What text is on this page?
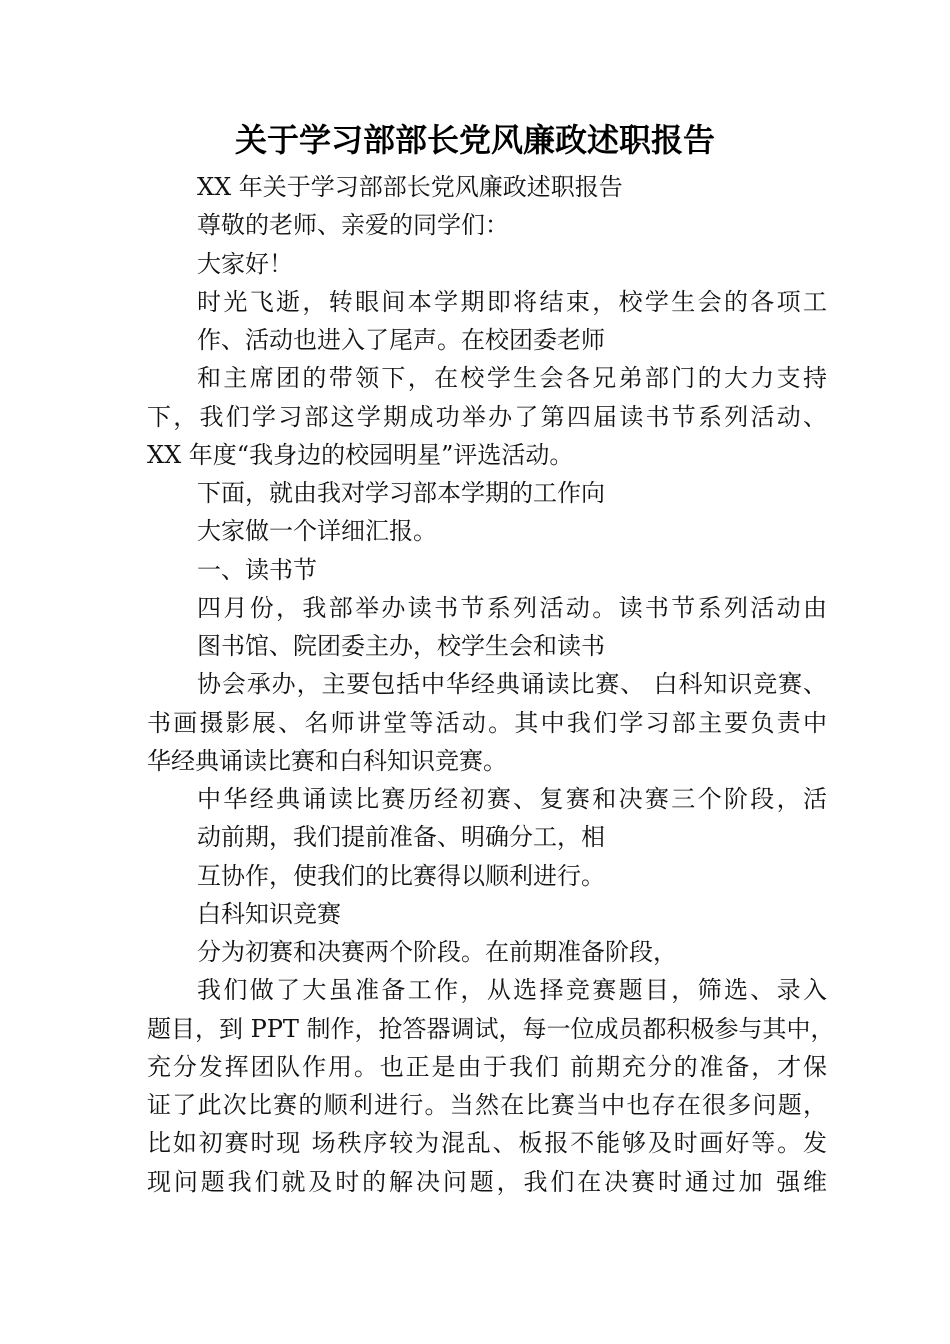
关于学习部部长党风廉政述职报告
XX 年关于学习部部长党风廉政述职报告
尊敬的老师、亲爱的同学们：
大家好！
时光飞逝，转眼间本学期即将结束，校学生会的各项工
作、活动也进入了尾声。在校团委老师
和主席团的带领下，在校学生会各兄弟部门的大力支持
下，我们学习部这学期成功举办了第四届读书节系列活动、
XX 年度“我身边的校园明星”评选活动。
下面，就由我对学习部本学期的工作向
大家做一个详细汇报。
一、读书节
四月份，我部举办读书节系列活动。读书节系列活动由
图书馆、院团委主办，校学生会和读书
协会承办，主要包括中华经典诵读比赛、 白科知识竞赛、
书画摄影展、名师讲堂等活动。其中我们学习部主要负责中
华经典诵读比赛和白科知识竞赛。
中华经典诵读比赛历经初赛、复赛和决赛三个阶段，活
动前期，我们提前准备、明确分工，相
互协作，使我们的比赛得以顺利进行。
白科知识竞赛
分为初赛和决赛两个阶段。在前期准备阶段，
我们做了大虽准备工作，从选择竞赛题目，筛选、录入
题目，到 PPT 制作，抢答器调试，每一位成员都积极参与其中，
充分发挥团队作用。也正是由于我们 前期充分的准备，才保
证了此次比赛的顺利进行。当然在比赛当中也存在很多问题，
比如初赛时现 场秩序较为混乱、板报不能够及时画好等。发
现问题我们就及时的解决问题，我们在决赛时通过加 强维
